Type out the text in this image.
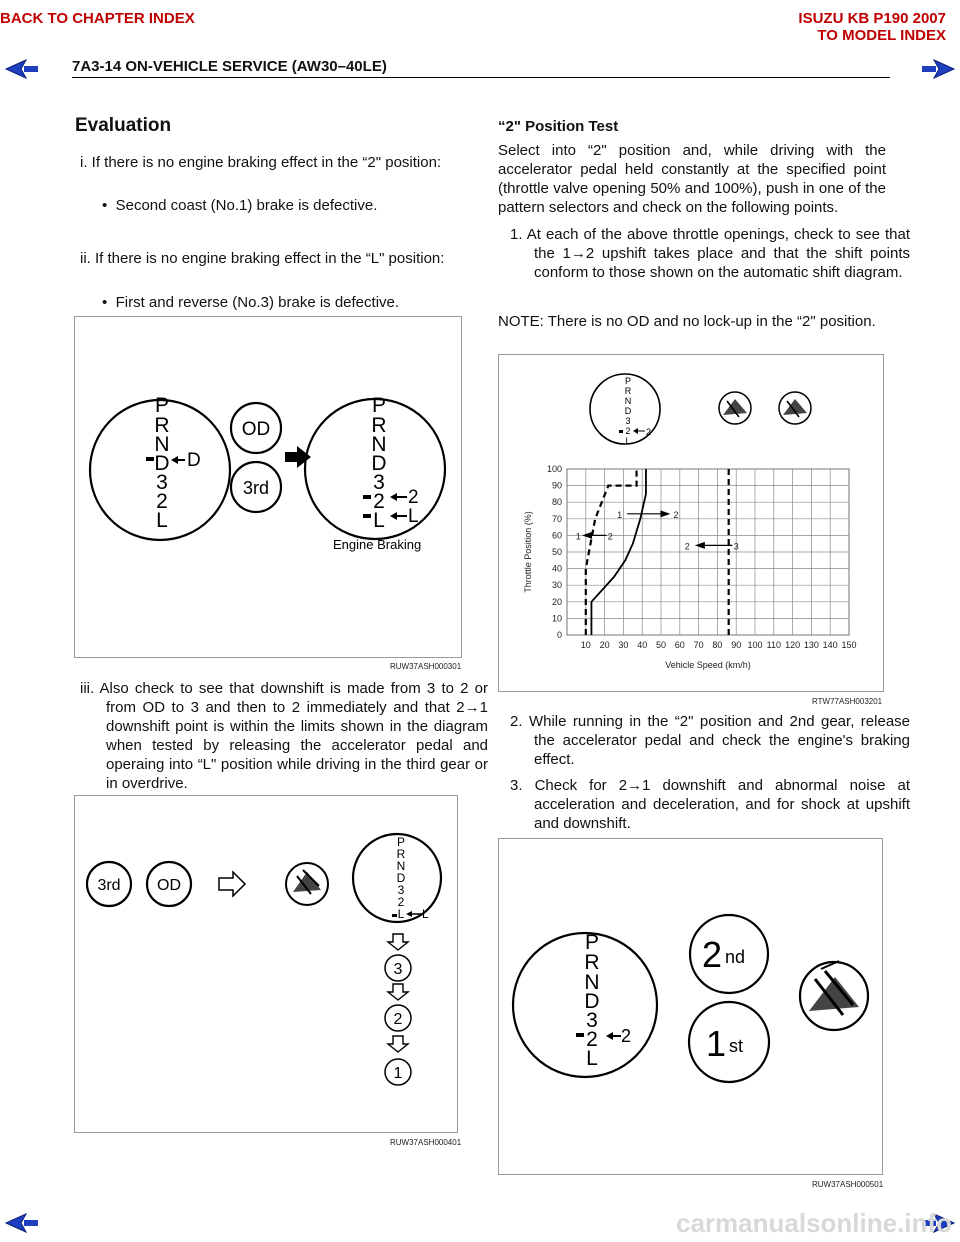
BACK TO CHAPTER INDEX	ISUZU KB P190 2007
TO MODEL INDEX
7A3-14 ON-VEHICLE SERVICE (AW30–40LE)
Evaluation
i. If there is no engine braking effect in the “2" position:
•  Second coast (No.1) brake is defective.
ii. If there is no engine braking effect in the “L" position:
•  First and reverse (No.3) brake is defective.
P
R
N
D
3
2
L
D
OD
3rd
P
R
N
D
3
2
L
2
L
Engine Braking
RUW37ASH000301
iii. Also check to see that downshift is made from 3 to 2 or from OD to 3 and then to 2 immediately and that 2→1 downshift point is within the limits shown in the diagram when tested by releasing the accelerator pedal and operaing into “L" position while driving in the third gear or in overdrive.
3rd OD
P
R
N
D
3
2
L L
3
2
1
RUW37ASH000401
“2" Position Test
Select into “2" position and, while driving with the accelerator pedal held constantly at the specified point (throttle valve opening 50% and 100%), push in one of the pattern selectors and check on the following points.
1. At each of the above throttle openings, check to see that the 1→2 upshift takes place and that the shift points conform to those shown on the automatic shift diagram.
NOTE: There is no OD and no lock-up in the “2" position.
P
R
N
D
3
2
L
2
0
10
20
30
40
50
60
70
80
90
100
10 20 30 40 50 60 70 80 90 100 110 120 130 140 150
Vehicle Speed (km/h)
Throttle Position (%)	1	2
1	2
2	3
RTW77ASH003201
2. While running in the “2" position and 2nd gear, release the accelerator pedal and check the engine's braking effect.
3. Check for 2→1 downshift and abnormal noise at acceleration and deceleration, and for shock at upshift and downshift.
P
R
N
D
3
2
L
2
2 nd
1 st
RUW37ASH000501
carmanualsonline.info
